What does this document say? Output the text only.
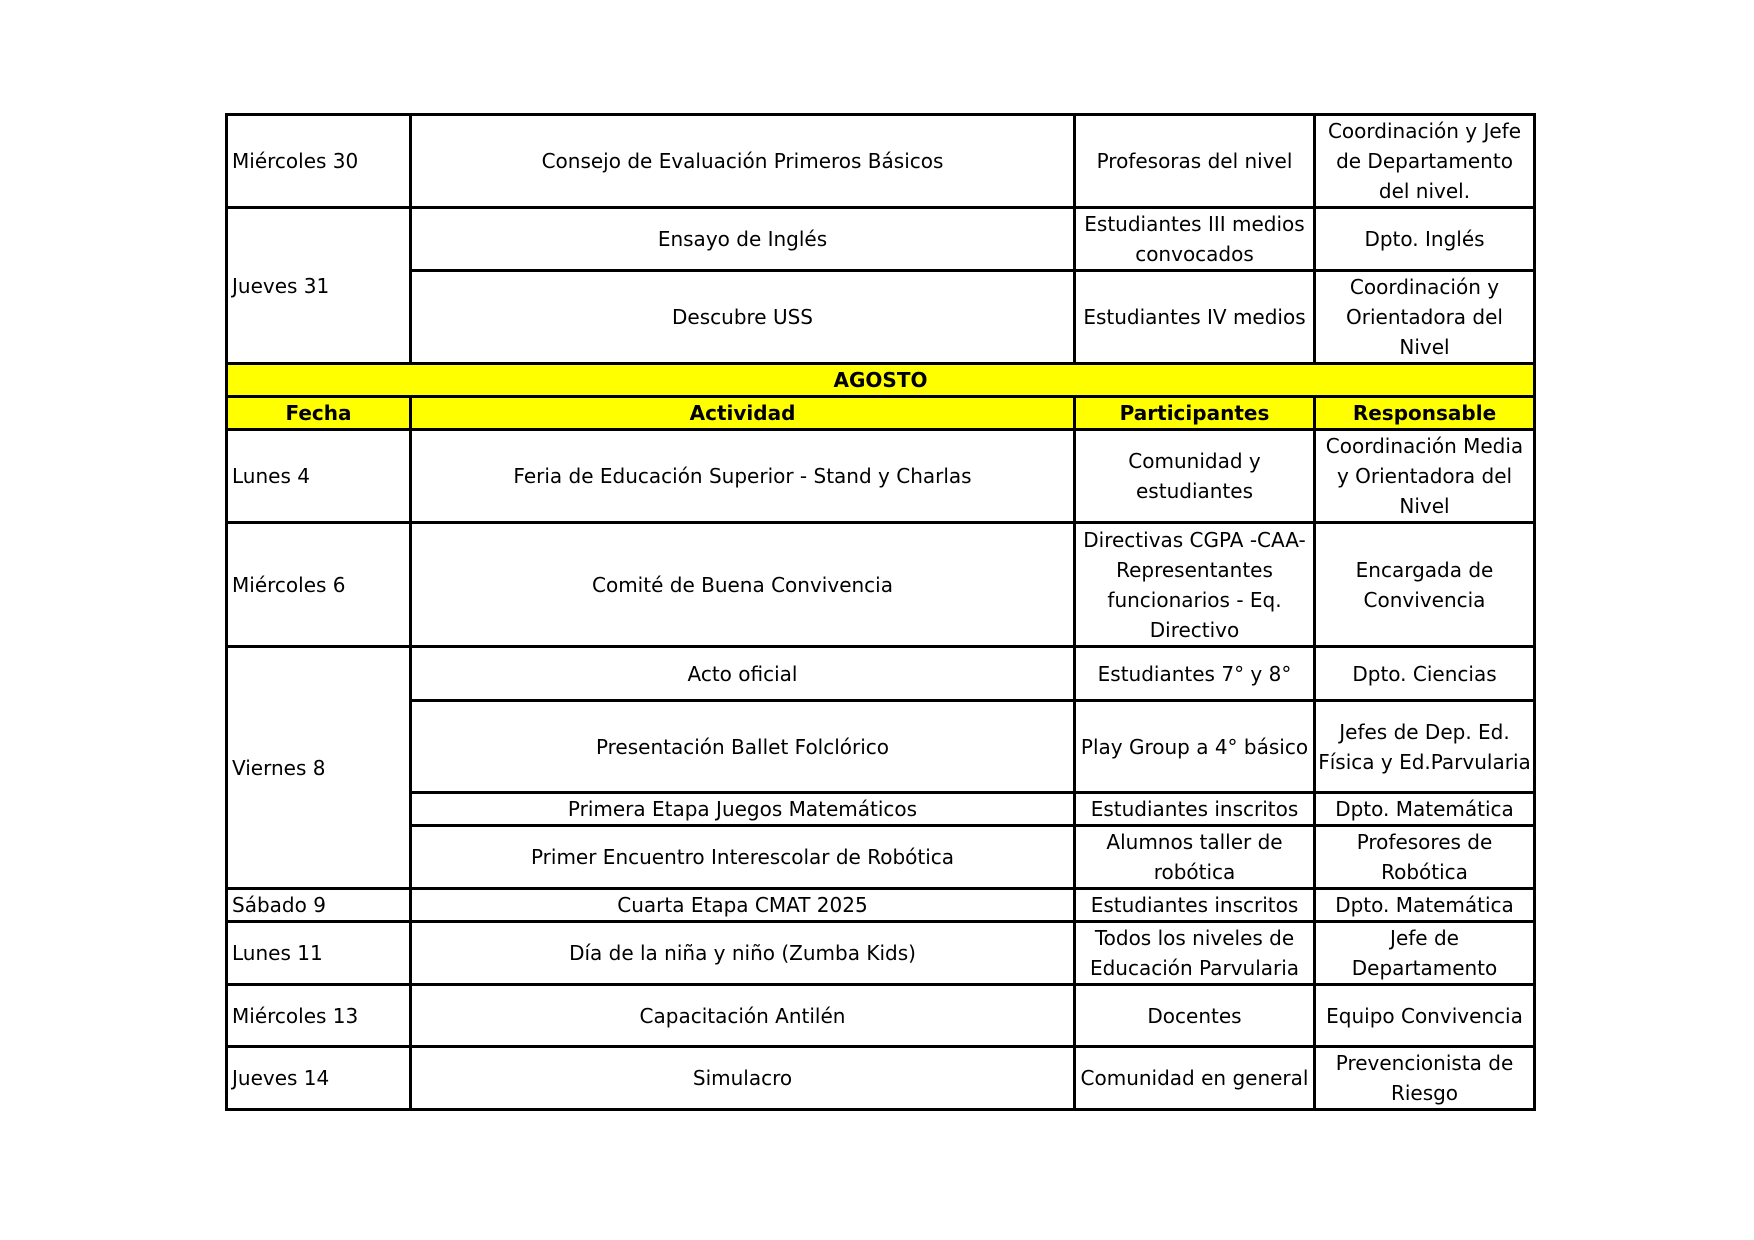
Miércoles 30	Consejo de Evaluación Primeros Básicos	Profesoras del nivel	Coordinación y Jefe de Departamento del nivel.
Jueves 31	Ensayo de Inglés	Estudiantes III medios convocados	Dpto. Inglés
	Descubre USS	Estudiantes IV medios	Coordinación y Orientadora del Nivel
AGOSTO			
Fecha	Actividad	Participantes	Responsable
Lunes 4	Feria de Educación Superior - Stand y Charlas	Comunidad y estudiantes	Coordinación Media y Orientadora del Nivel
Miércoles 6	Comité de Buena Convivencia	Directivas CGPA -CAA- Representantes funcionarios - Eq. Directivo	Encargada de Convivencia
Viernes 8	Acto oficial	Estudiantes 7° y 8°	Dpto. Ciencias
	Presentación Ballet Folclórico	Play Group a 4° básico	Jefes de Dep. Ed. Física y Ed.Parvularia
	Primera Etapa Juegos Matemáticos	Estudiantes inscritos	Dpto. Matemática
	Primer Encuentro Interescolar de Robótica	Alumnos taller de robótica	Profesores de Robótica
Sábado 9	Cuarta Etapa CMAT 2025	Estudiantes inscritos	Dpto. Matemática
Lunes 11	Día de la niña y niño (Zumba Kids)	Todos los niveles de Educación Parvularia	Jefe de Departamento
Miércoles 13	Capacitación Antilén	Docentes	Equipo Convivencia
Jueves 14	Simulacro	Comunidad en general	Prevencionista de Riesgo
